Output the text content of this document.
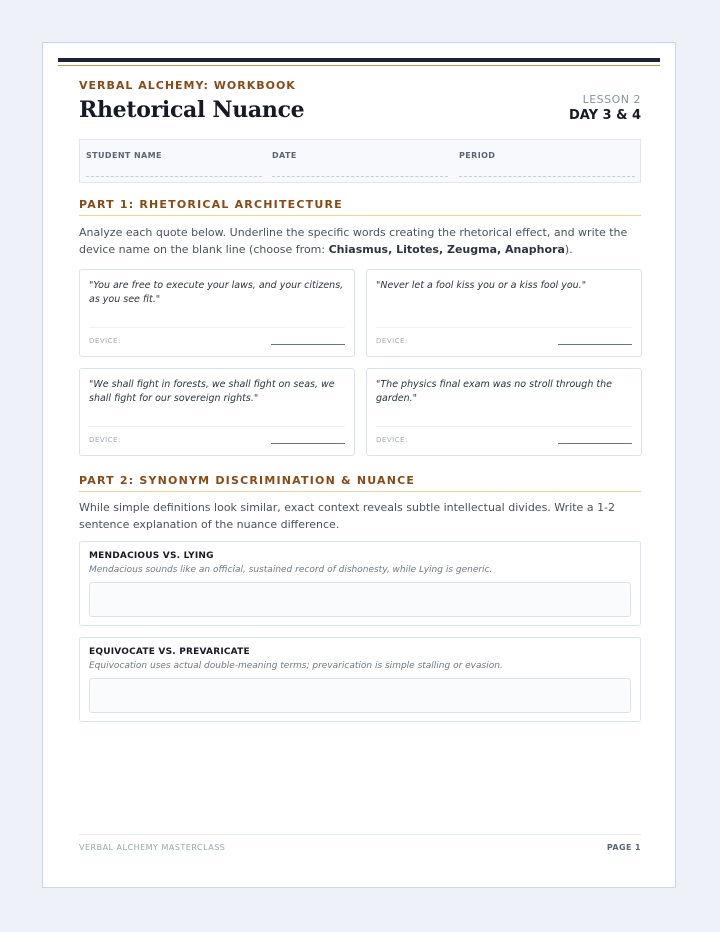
VERBAL ALCHEMY: WORKBOOK
Rhetorical Nuance	LESSON 2
DAY 3 & 4
STUDENT NAME	DATE	PERIOD
PART 1: RHETORICAL ARCHITECTURE
Analyze each quote below. Underline the specific words creating the rhetorical effect, and write the device name on the blank line (choose from: Chiasmus, Litotes, Zeugma, Anaphora).
"You are free to execute your laws, and your citizens, as you see fit."
DEVICE:
"Never let a fool kiss you or a kiss fool you."
DEVICE:
"We shall fight in forests, we shall fight on seas, we shall fight for our sovereign rights."
DEVICE:
"The physics final exam was no stroll through the garden."
DEVICE:
PART 2: SYNONYM DISCRIMINATION & NUANCE
While simple definitions look similar, exact context reveals subtle intellectual divides. Write a 1-2 sentence explanation of the nuance difference.
MENDACIOUS VS. LYING
Mendacious sounds like an official, sustained record of dishonesty, while Lying is generic.
EQUIVOCATE VS. PREVARICATE
Equivocation uses actual double-meaning terms; prevarication is simple stalling or evasion.
VERBAL ALCHEMY MASTERCLASS	PAGE 1
